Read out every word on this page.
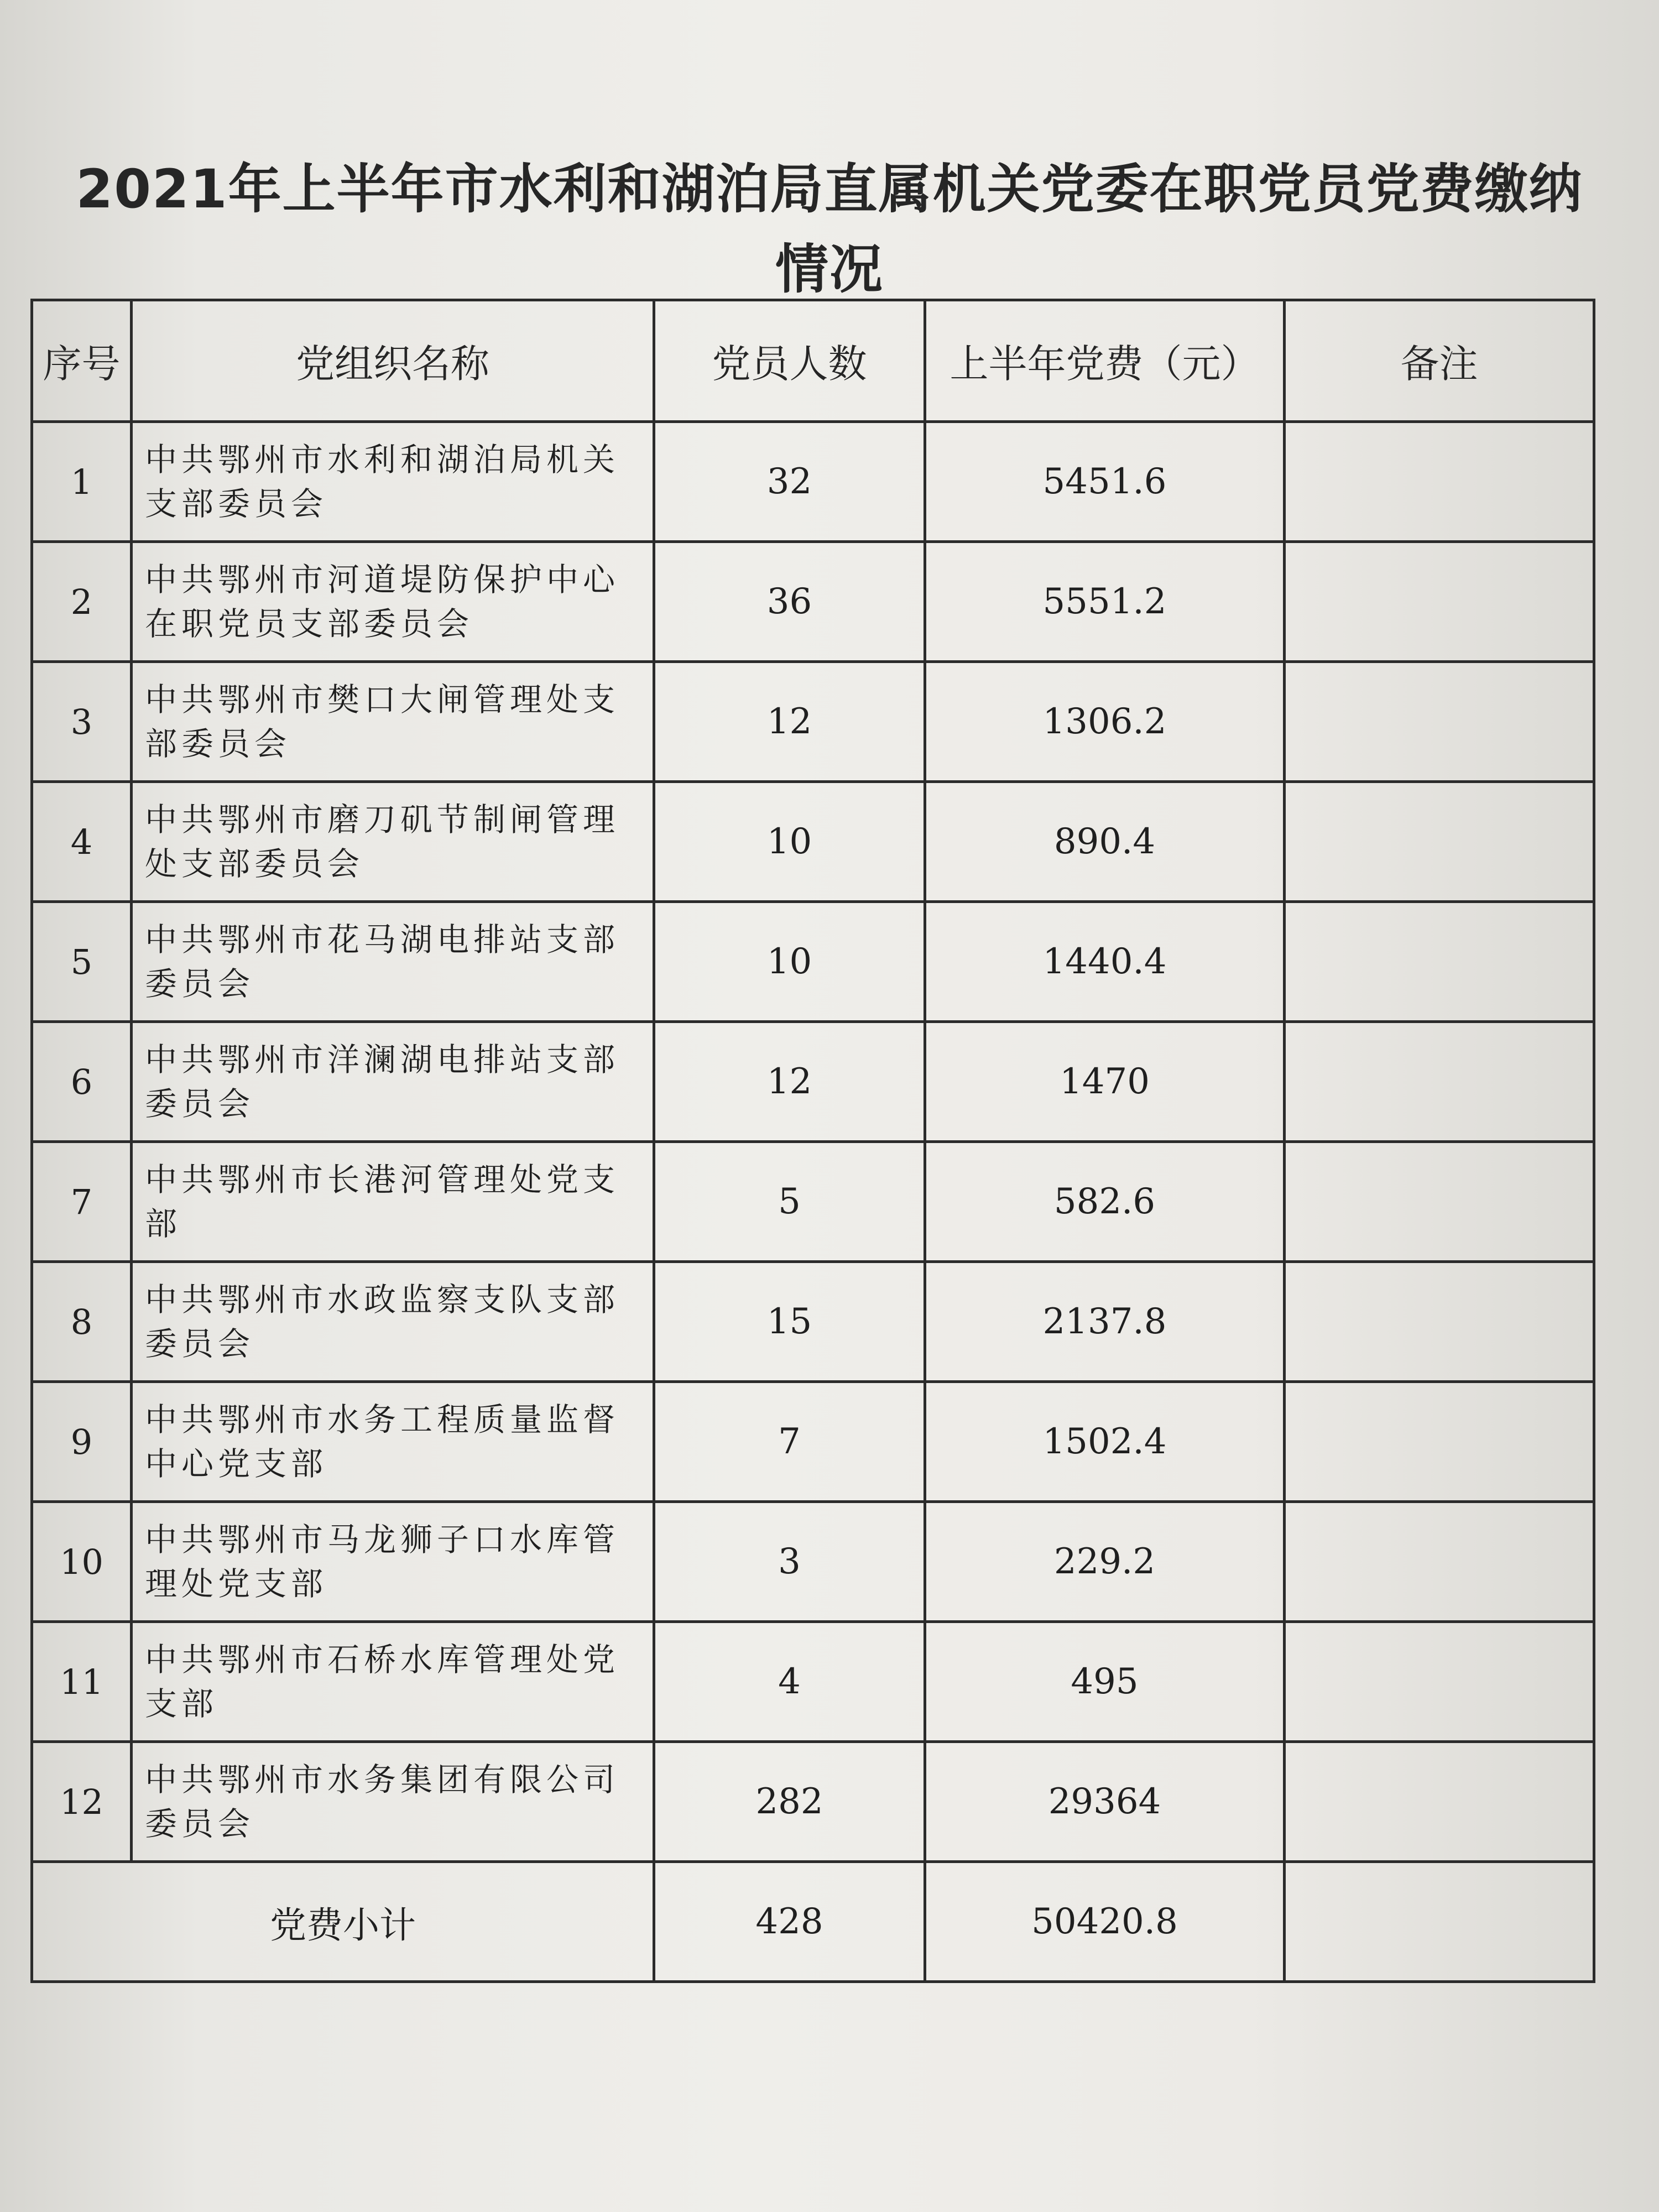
2021年上半年市水利和湖泊局直属机关党委在职党员党费缴纳情况
序号	党组织名称	党员人数	上半年党费（元）	备注
1	中共鄂州市水利和湖泊局机关支部委员会	32	5451.6	
2	中共鄂州市河道堤防保护中心在职党员支部委员会	36	5551.2	
3	中共鄂州市樊口大闸管理处支部委员会	12	1306.2	
4	中共鄂州市磨刀矶节制闸管理处支部委员会	10	890.4	
5	中共鄂州市花马湖电排站支部委员会	10	1440.4	
6	中共鄂州市洋澜湖电排站支部委员会	12	1470	
7	中共鄂州市长港河管理处党支部	5	582.6	
8	中共鄂州市水政监察支队支部委员会	15	2137.8	
9	中共鄂州市水务工程质量监督中心党支部	7	1502.4	
10	中共鄂州市马龙狮子口水库管理处党支部	3	229.2	
11	中共鄂州市石桥水库管理处党支部	4	495	
12	中共鄂州市水务集团有限公司委员会	282	29364	
党费小计		428	50420.8	
